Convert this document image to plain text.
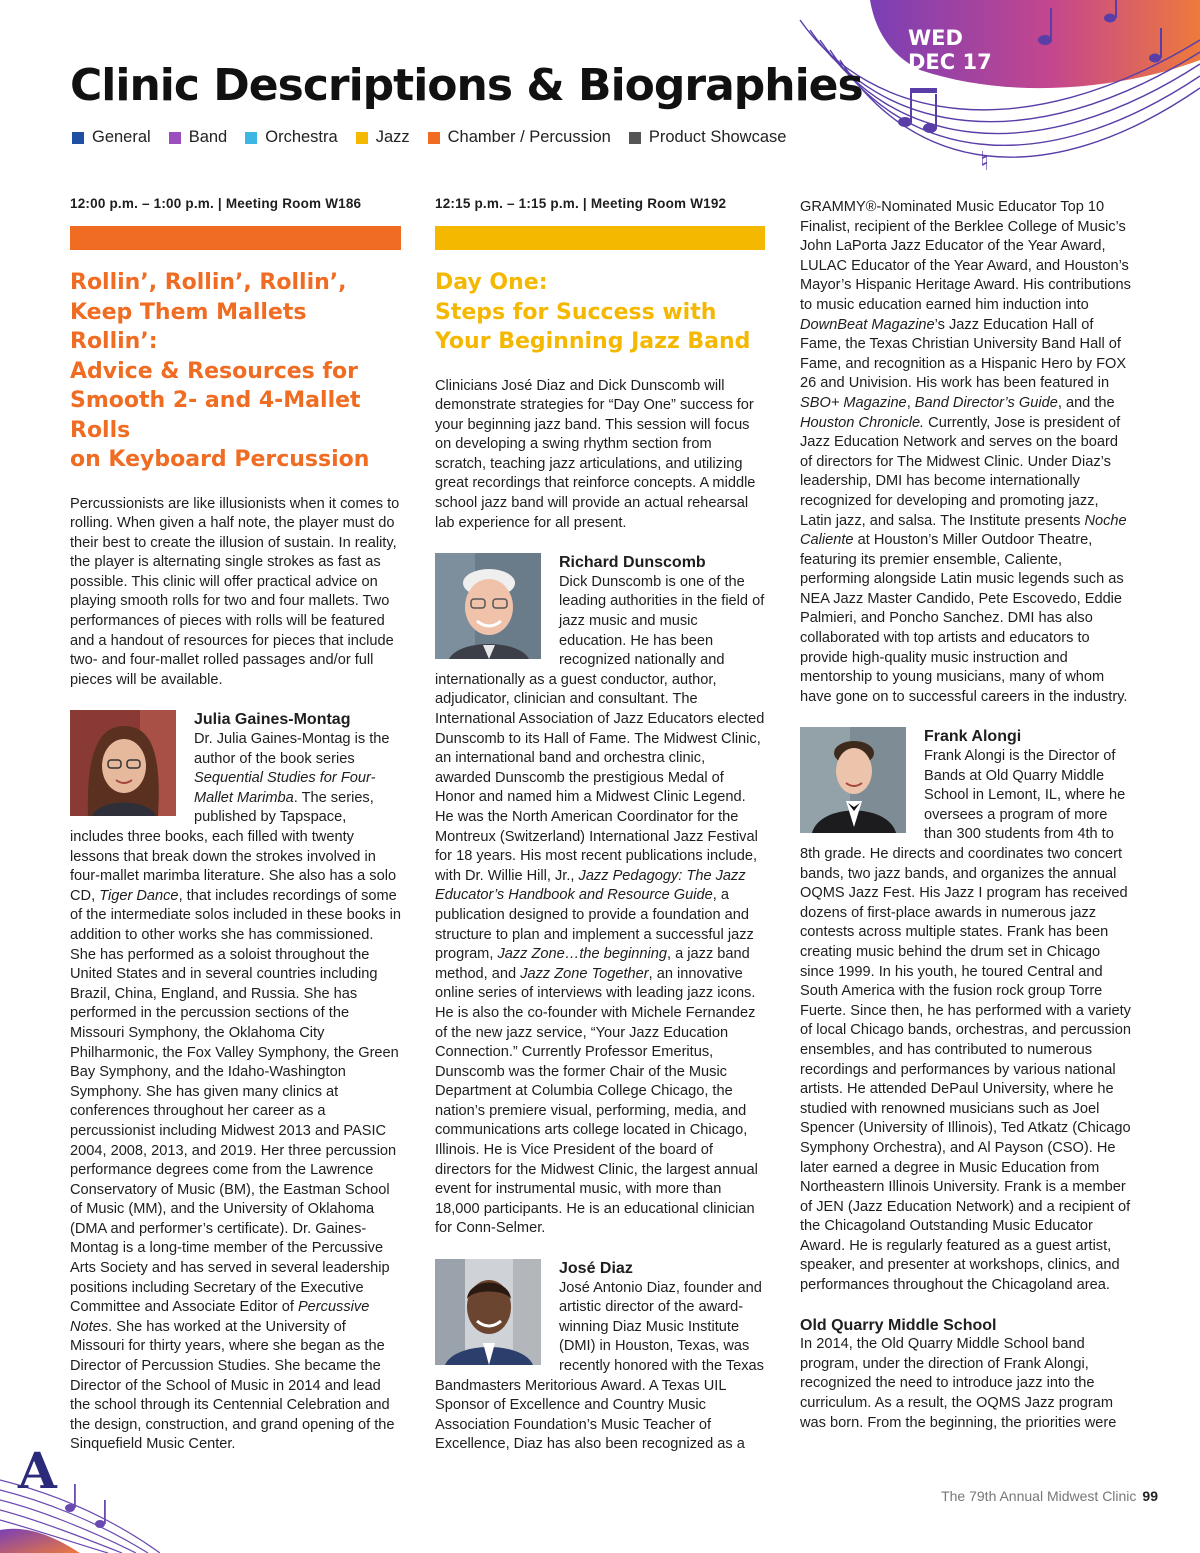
♮
WED
DEC 17
Clinic Descriptions & Biographies
General Band Orchestra Jazz Chamber / Percussion Product Showcase
12:00 p.m. – 1:00 p.m. | Meeting Room W186
Rollin’, Rollin’, Rollin’,
Keep Them Mallets Rollin’:
Advice & Resources for
Smooth 2- and 4-Mallet Rolls
on Keyboard Percussion

Percussionists are like illusionists when it comes to rolling. When given a half note, the player must do their best to create the illusion of sustain. In reality, the player is alternating single strokes as fast as possible. This clinic will offer practical advice on playing smooth rolls for two and four mallets. Two performances of pieces with rolls will be featured and a handout of resources for pieces that include two- and four-mallet rolled passages and/or full pieces will be available.

Julia Gaines-Montag

Dr. Julia Gaines-Montag is the author of the book series Sequential Studies for Four-Mallet Marimba. The series, published by Tapspace, includes three books, each filled with twenty lessons that break down the strokes involved in four-mallet marimba literature. She also has a solo CD, Tiger Dance, that includes recordings of some of the intermediate solos included in these books in addition to other works she has commissioned. She has performed as a soloist throughout the United States and in several countries including Brazil, China, England, and Russia. She has performed in the percussion sections of the Missouri Symphony, the Oklahoma City Philharmonic, the Fox Valley Symphony, the Green Bay Symphony, and the Idaho-Washington Symphony. She has given many clinics at conferences throughout her career as a percussionist including Midwest 2013 and PASIC 2004, 2008, 2013, and 2019. Her three percussion performance degrees come from the Lawrence Conservatory of Music (BM), the Eastman School of Music (MM), and the University of Oklahoma (DMA and performer’s certificate). Dr. Gaines-Montag is a long-time member of the Percussive Arts Society and has served in several leadership positions including Secretary of the Executive Committee and Associate Editor of Percussive Notes. She has worked at the University of Missouri for thirty years, where she began as the Director of Percussion Studies. She became the Director of the School of Music in 2014 and lead the school through its Centennial Celebration and the design, construction, and grand opening of the Sinquefield Music Center.

12:15 p.m. – 1:15 p.m. | Meeting Room W192
Day One:
Steps for Success with
Your Beginning Jazz Band

Clinicians José Diaz and Dick Dunscomb will demonstrate strategies for “Day One” success for your beginning jazz band. This session will focus on developing a swing rhythm section from scratch, teaching jazz articulations, and utilizing great recordings that reinforce concepts. A middle school jazz band will provide an actual rehearsal lab experience for all present.

Richard Dunscomb

Dick Dunscomb is one of the leading authorities in the field of jazz music and music education. He has been recognized nationally and internationally as a guest conductor, author, adjudicator, clinician and consultant. The International Association of Jazz Educators elected Dunscomb to its Hall of Fame. The Midwest Clinic, an international band and orchestra clinic, awarded Dunscomb the prestigious Medal of Honor and named him a Midwest Clinic Legend. He was the North American Coordinator for the Montreux (Switzerland) International Jazz Festival for 18 years. His most recent publications include, with Dr. Willie Hill, Jr., Jazz Pedagogy: The Jazz Educator’s Handbook and Resource Guide, a publication designed to provide a foundation and structure to plan and implement a successful jazz program, Jazz Zone…the beginning, a jazz band method, and Jazz Zone Together, an innovative online series of interviews with leading jazz icons. He is also the co-founder with Michele Fernandez of the new jazz service, “Your Jazz Education Connection.” Currently Professor Emeritus, Dunscomb was the former Chair of the Music Department at Columbia College Chicago, the nation’s premiere visual, performing, media, and communications arts college located in Chicago, Illinois. He is Vice President of the board of directors for the Midwest Clinic, the largest annual event for instrumental music, with more than 18,000 participants. He is an educational clinician for Conn-Selmer.

José Diaz

José Antonio Diaz, founder and artistic director of the award-winning Diaz Music Institute (DMI) in Houston, Texas, was recently honored with the Texas Bandmasters Meritorious Award. A Texas UIL Sponsor of Excellence and Country Music Association Foundation’s Music Teacher of Excellence, Diaz has also been recognized as a

GRAMMY®-Nominated Music Educator Top 10 Finalist, recipient of the Berklee College of Music’s John LaPorta Jazz Educator of the Year Award, LULAC Educator of the Year Award, and Houston’s Mayor’s Hispanic Heritage Award. His contributions to music education earned him induction into DownBeat Magazine’s Jazz Education Hall of Fame, the Texas Christian University Band Hall of Fame, and recognition as a Hispanic Hero by FOX 26 and Univision. His work has been featured in SBO+ Magazine, Band Director’s Guide, and the Houston Chronicle. Currently, Jose is president of Jazz Education Network and serves on the board of directors for The Midwest Clinic. Under Diaz’s leadership, DMI has become internationally recognized for developing and promoting jazz, Latin jazz, and salsa. The Institute presents Noche Caliente at Houston’s Miller Outdoor Theatre, featuring its premier ensemble, Caliente, performing alongside Latin music legends such as NEA Jazz Master Candido, Pete Escovedo, Eddie Palmieri, and Poncho Sanchez. DMI has also collaborated with top artists and educators to provide high-quality music instruction and mentorship to young musicians, many of whom have gone on to successful careers in the industry.

Frank Alongi

Frank Alongi is the Director of Bands at Old Quarry Middle School in Lemont, IL, where he oversees a program of more than 300 students from 4th to 8th grade. He directs and coordinates two concert bands, two jazz bands, and organizes the annual OQMS Jazz Fest. His Jazz I program has received dozens of first-place awards in numerous jazz contests across multiple states. Frank has been creating music behind the drum set in Chicago since 1999. In his youth, he toured Central and South America with the fusion rock group Torre Fuerte. Since then, he has performed with a variety of local Chicago bands, orchestras, and percussion ensembles, and has contributed to numerous recordings and performances by various national artists. He attended DePaul University, where he studied with renowned musicians such as Joel Spencer (University of Illinois), Ted Atkatz (Chicago Symphony Orchestra), and Al Payson (CSO). He later earned a degree in Music Education from Northeastern Illinois University. Frank is a member of JEN (Jazz Education Network) and a recipient of the Chicagoland Outstanding Music Educator Award. He is regularly featured as a guest artist, speaker, and presenter at workshops, clinics, and performances throughout the Chicagoland area.

Old Quarry Middle School

In 2014, the Old Quarry Middle School band program, under the direction of Frank Alongi, recognized the need to introduce jazz into the curriculum. As a result, the OQMS Jazz program was born. From the beginning, the priorities were

A	The 79th Annual Midwest Clinic 99
